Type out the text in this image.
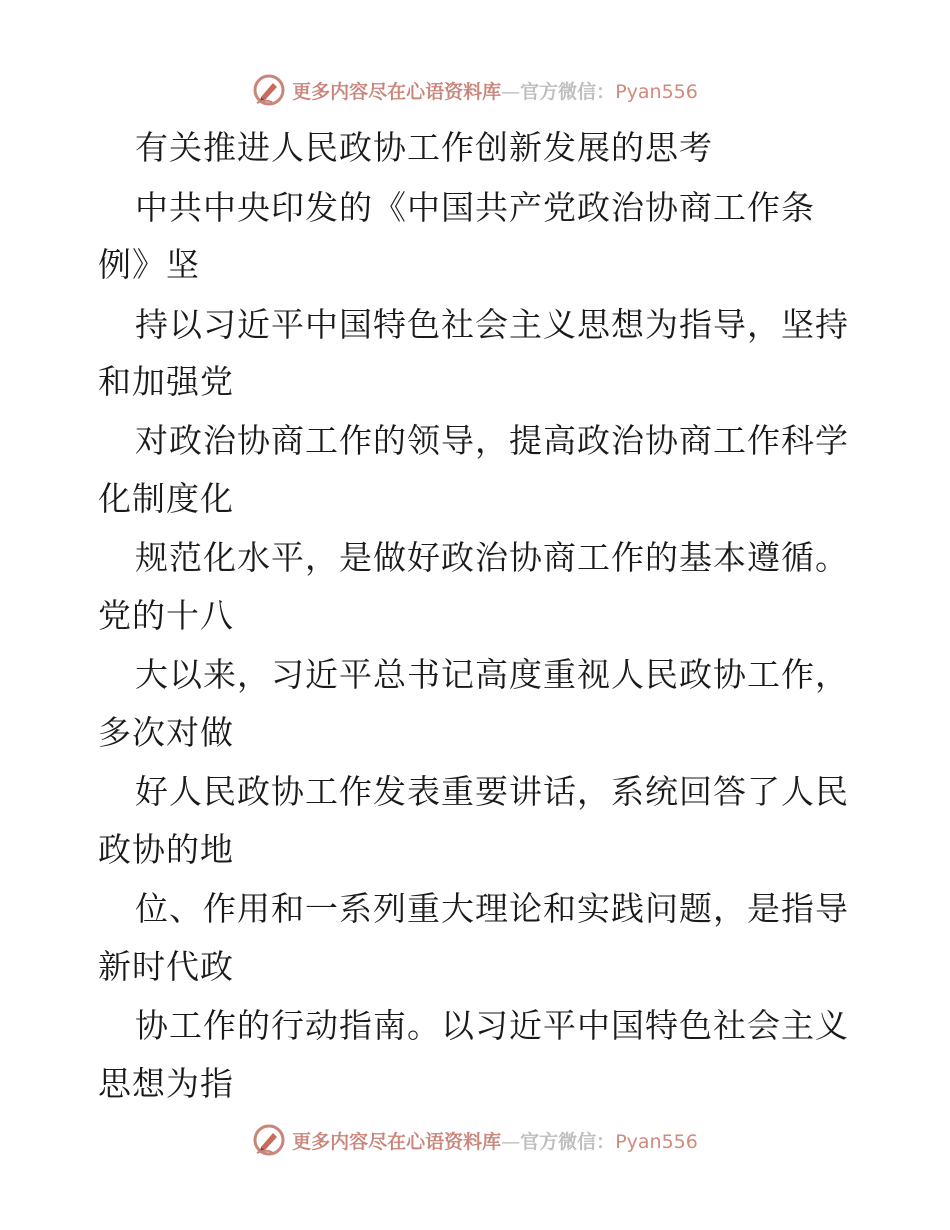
更多内容尽在心语资料库—官方微信：Pyan556
有关推进人民政协工作创新发展的思考
中共中央印发的《中国共产党政治协商工作条
例》坚
持以习近平中国特色社会主义思想为指导，坚持
和加强党
对政治协商工作的领导，提高政治协商工作科学
化制度化
规范化水平，是做好政治协商工作的基本遵循。
党的十八
大以来，习近平总书记高度重视人民政协工作，
多次对做
好人民政协工作发表重要讲话，系统回答了人民
政协的地
位、作用和一系列重大理论和实践问题，是指导
新时代政
协工作的行动指南。以习近平中国特色社会主义
思想为指
更多内容尽在心语资料库—官方微信：Pyan556
